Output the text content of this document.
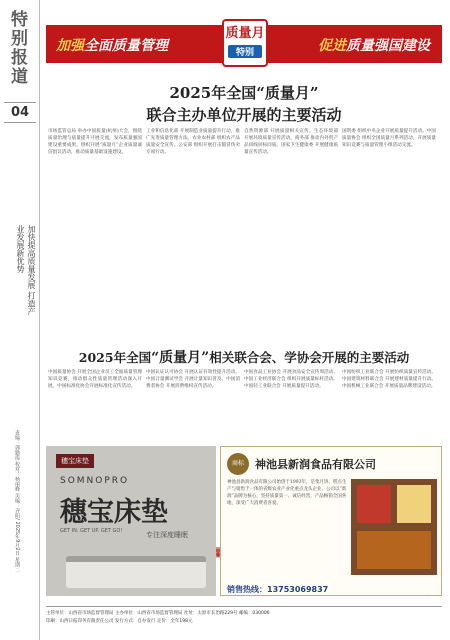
特别报道
04
加快提高质量发展 打造产业发展新优势
责编：郭勤霞 校对：杨丽峰 美编：齐阳/ 2025年9月2日 星期二
加强全面质量管理
质量月
特别	促进质量强国建设
2025年全国“质量月”
联合主办单位开展的主要活动
市场监管总局 举办中国质量(杭州)大会，围绕质量治理与质量提升开展交流，发布质量强国建设重要成果。组织开展“质量月”企业质量诚信倡议活动，推动质量基础设施建设。
工业和信息化部 开展制造业质量提升行动，推广先进质量管理方法。农业农村部 组织农产品质量安全宣传。公安部 组织开展打击假冒伪劣专项行动。
自然资源部 开展质量相关宣传。生态环境部 开展环境质量宣传活动。商务部 推动内外贸产品同线同标同质。国家卫生健康委 开展健康质量宣传活动。
国资委 组织中央企业开展质量提升活动。中国质量协会 组织全国质量月系列活动，开展质量知识竞赛与质量管理小组活动交流。
2025年全国“质量月”相关联合会、学协会开展的主要活动
中国质量协会 开展全国企业员工全面质量管理知识竞赛，推动群众性质量管理活动深入开展。中国标准化协会开展标准化宣传活动。
中国认证认可协会 开展认证有效性提升活动。中国计量测试学会 开展计量知识普及。中国消费者协会 开展消费维权宣传活动。
中国食品工业协会 开展食品安全宣传周活动。中国工业经济联合会 组织开展质量标杆活动。中国轻工业联合会 开展质量提升活动。
中国纺织工业联合会 开展纺织质量宣传活动。中国建筑材料联合会 开展建材质量提升行动。中国机械工业联合会 开展质量品牌建设活动。
穗宝床垫
SOMNOPRO
穗宝床垫
GET IN. GET UP. GET GO!	专注深度睡眠
商标	神池县新润食品有限公司
神池县新润食品有限公司始创于1993年，是集月饼、糕点生产与销售于一体的省级农业产业化重点龙头企业。公司以“新润”品牌为核心，坚持质量第一、诚信经营，产品畅销全国各地，深受广大消费者喜爱。
销售热线：13753069837
主管单位：山西省市场监督管理局 主办单位：山西省市场监督管理局 社址：太原市长治路229号 邮编：030006
印刷：山西日报印务有限责任公司 发行方式：自办发行 定价：全年198元
